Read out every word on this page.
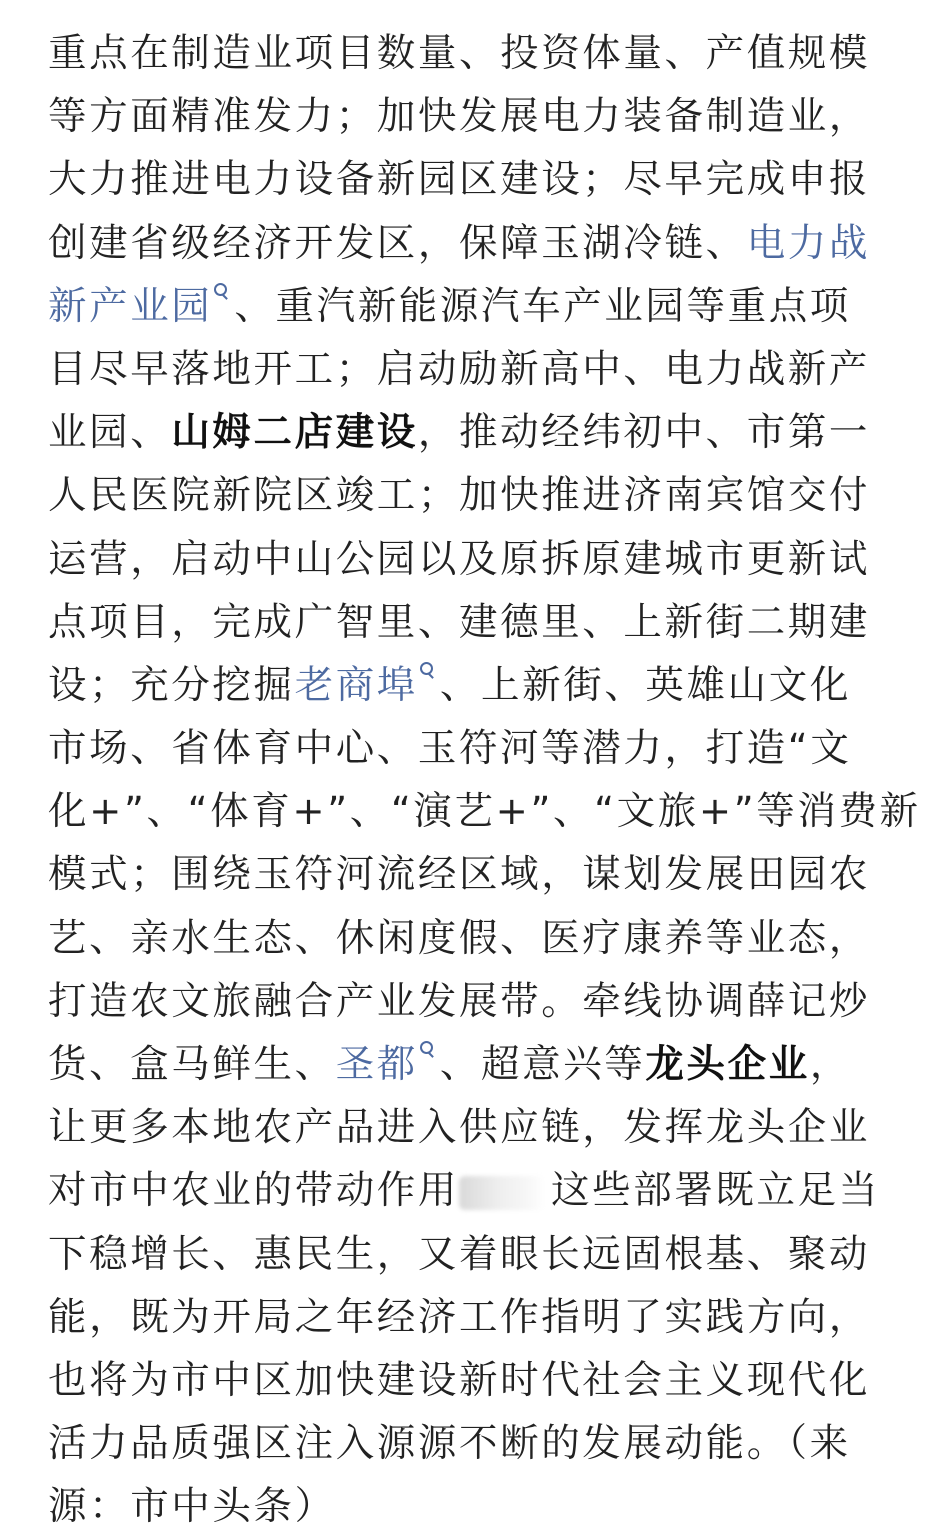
重点在制造业项目数量、投资体量、产值规模
等方面精准发力；加快发展电力装备制造业，
大力推进电力设备新园区建设；尽早完成申报
创建省级经济开发区，保障玉湖冷链、电力战
新产业园 、重汽新能源汽车产业园等重点项
目尽早落地开工；启动励新高中、电力战新产
业园、山姆二店建设，推动经纬初中、市第一
人民医院新院区竣工；加快推进济南宾馆交付
运营，启动中山公园以及原拆原建城市更新试
点项目，完成广智里、建德里、上新街二期建
设；充分挖掘老商埠 、上新街、英雄山文化
市场、省体育中心、玉符河等潜力，打造“文
化+”、“体育+”、“演艺+”、“文旅+”等消费新
模式；围绕玉符河流经区域，谋划发展田园农
艺、亲水生态、休闲度假、医疗康养等业态，
打造农文旅融合产业发展带。牵线协调薛记炒
货、盒马鲜生、圣都 、超意兴等龙头企业，
让更多本地农产品进入供应链，发挥龙头企业
对市中农业的带动作用 这些部署既立足当
下稳增长、惠民生，又着眼长远固根基、聚动
能，既为开局之年经济工作指明了实践方向，
也将为市中区加快建设新时代社会主义现代化
活力品质强区注入源源不断的发展动能。（来
源：市中头条）
